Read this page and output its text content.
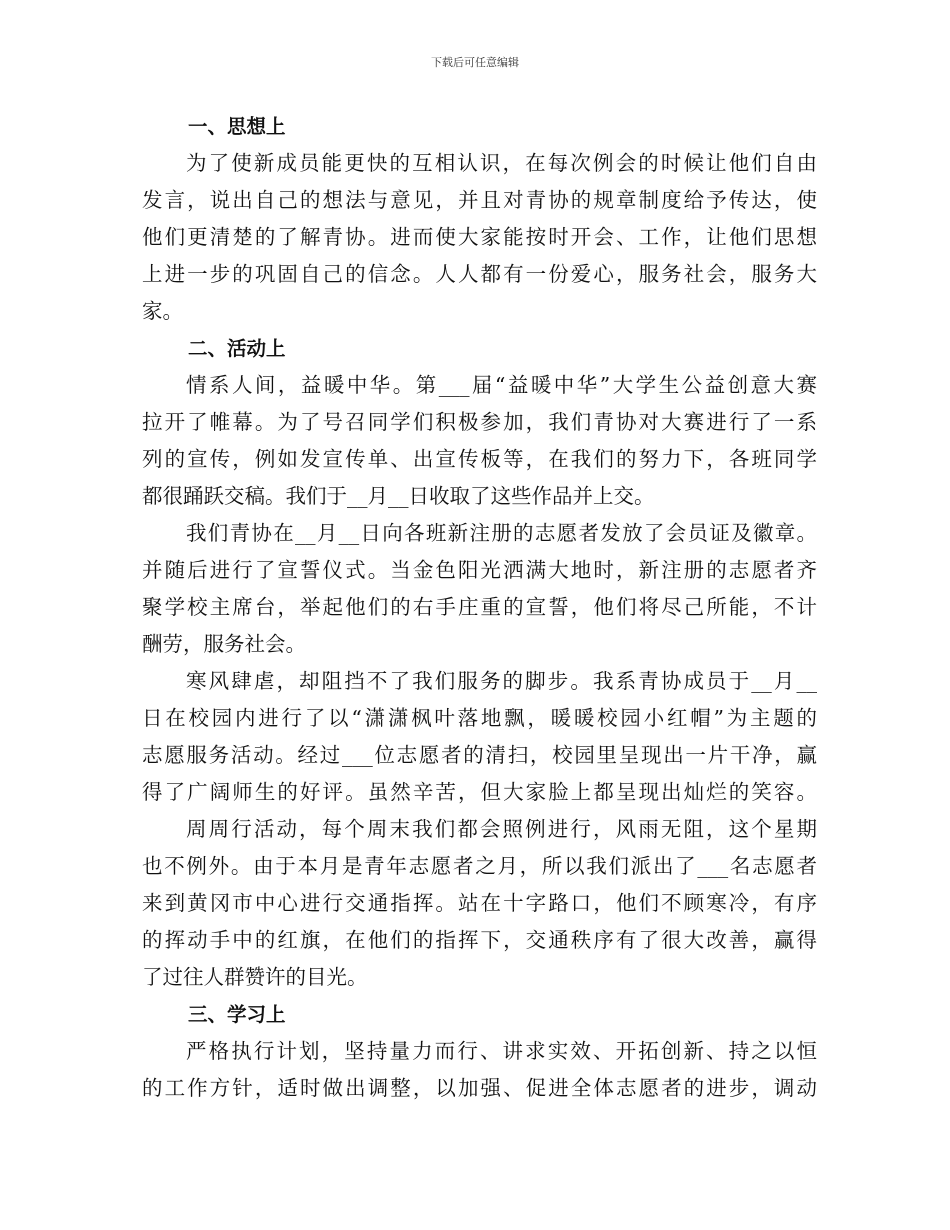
下载后可任意编辑
一、思想上
为了使新成员能更快的互相认识，在每次例会的时候让他们自由
发言，说出自己的想法与意见，并且对青协的规章制度给予传达，使
他们更清楚的了解青协。进而使大家能按时开会、工作，让他们思想
上进一步的巩固自己的信念。人人都有一份爱心，服务社会，服务大
家。
二、活动上
情系人间，益暖中华。第___届“益暖中华”大学生公益创意大赛
拉开了帷幕。为了号召同学们积极参加，我们青协对大赛进行了一系
列的宣传，例如发宣传单、出宣传板等，在我们的努力下，各班同学
都很踊跃交稿。我们于__月__日收取了这些作品并上交。
我们青协在__月__日向各班新注册的志愿者发放了会员证及徽章。
并随后进行了宣誓仪式。当金色阳光洒满大地时，新注册的志愿者齐
聚学校主席台，举起他们的右手庄重的宣誓，他们将尽己所能，不计
酬劳，服务社会。
寒风肆虐，却阻挡不了我们服务的脚步。我系青协成员于__月__
日在校园内进行了以“潇潇枫叶落地飘，暖暖校园小红帽”为主题的
志愿服务活动。经过___位志愿者的清扫，校园里呈现出一片干净，赢
得了广阔师生的好评。虽然辛苦，但大家脸上都呈现出灿烂的笑容。
周周行活动，每个周末我们都会照例进行，风雨无阻，这个星期
也不例外。由于本月是青年志愿者之月，所以我们派出了___名志愿者
来到黄冈市中心进行交通指挥。站在十字路口，他们不顾寒冷，有序
的挥动手中的红旗，在他们的指挥下，交通秩序有了很大改善，赢得
了过往人群赞许的目光。
三、学习上
严格执行计划，坚持量力而行、讲求实效、开拓创新、持之以恒
的工作方针，适时做出调整，以加强、促进全体志愿者的进步，调动
